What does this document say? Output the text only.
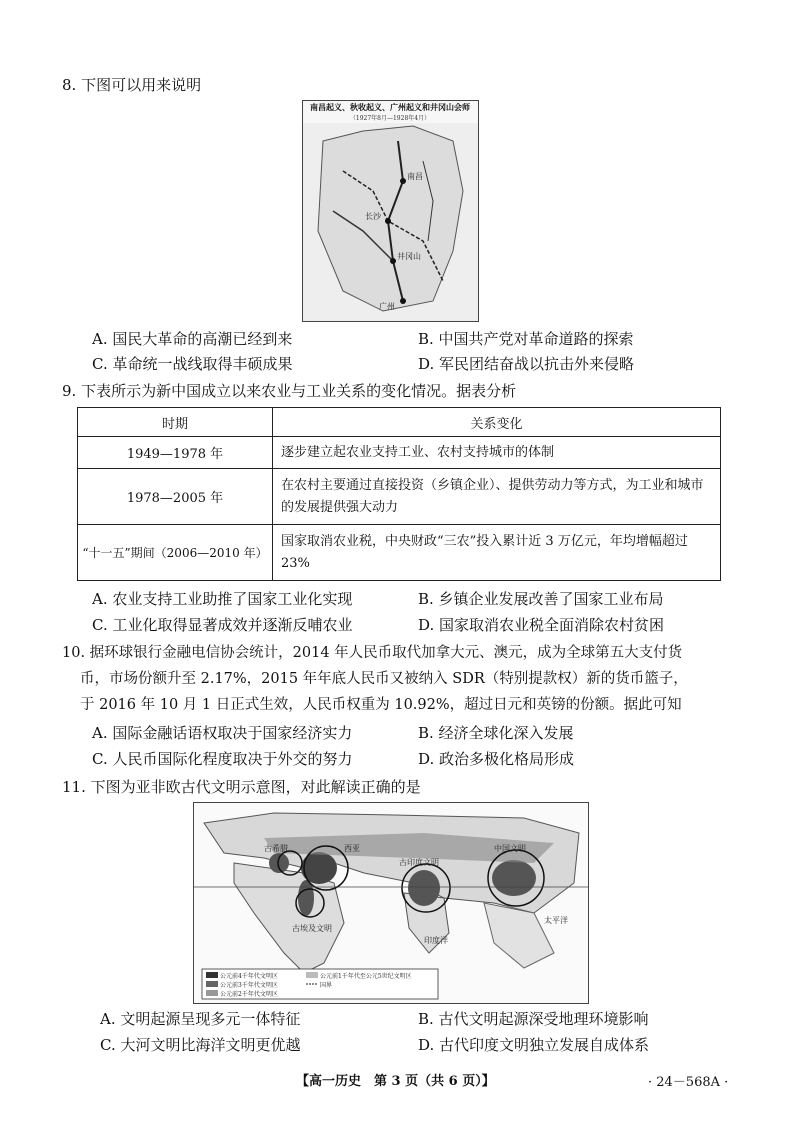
8. 下图可以用来说明
南昌起义、秋收起义、广州起义和井冈山会师
（1927年8月—1928年4月）
南昌
长沙
井冈山
广州
A. 国民大革命的高潮已经到来	B. 中国共产党对革命道路的探索
C. 革命统一战线取得丰硕成果	D. 军民团结奋战以抗击外来侵略
9. 下表所示为新中国成立以来农业与工业关系的变化情况。据表分析
时期	关系变化
1949—1978 年	逐步建立起农业支持工业、农村支持城市的体制
1978—2005 年	在农村主要通过直接投资（乡镇企业）、提供劳动力等方式，为工业和城市的发展提供强大动力
“十一五”期间（2006—2010 年）	国家取消农业税，中央财政“三农”投入累计近 3 万亿元，年均增幅超过 23%
A. 农业支持工业助推了国家工业化实现	B. 乡镇企业发展改善了国家工业布局
C. 工业化取得显著成效并逐渐反哺农业	D. 国家取消农业税全面消除农村贫困
10. 据环球银行金融电信协会统计，2014 年人民币取代加拿大元、澳元，成为全球第五大支付货
币，市场份额升至 2.17%，2015 年年底人民币又被纳入 SDR（特别提款权）新的货币篮子，
于 2016 年 10 月 1 日正式生效，人民币权重为 10.92%，超过日元和英镑的份额。据此可知
A. 国际金融话语权取决于国家经济实力	B. 经济全球化深入发展
C. 人民币国际化程度取决于外交的努力	D. 政治多极化格局形成
11. 下图为亚非欧古代文明示意图，对此解读正确的是
古希腊	西亚
古印度文明
中国文明
古埃及文明
印度洋
太平洋
公元前4千年代文明区
公元前3千年代文明区
公元前2千年代文明区
公元前1千年代至公元5世纪文明区
国界
A. 文明起源呈现多元一体特征	B. 古代文明起源深受地理环境影响
C. 大河文明比海洋文明更优越	D. 古代印度文明独立发展自成体系
【高一历史　第 3 页（共 6 页）】	· 24－568A ·
